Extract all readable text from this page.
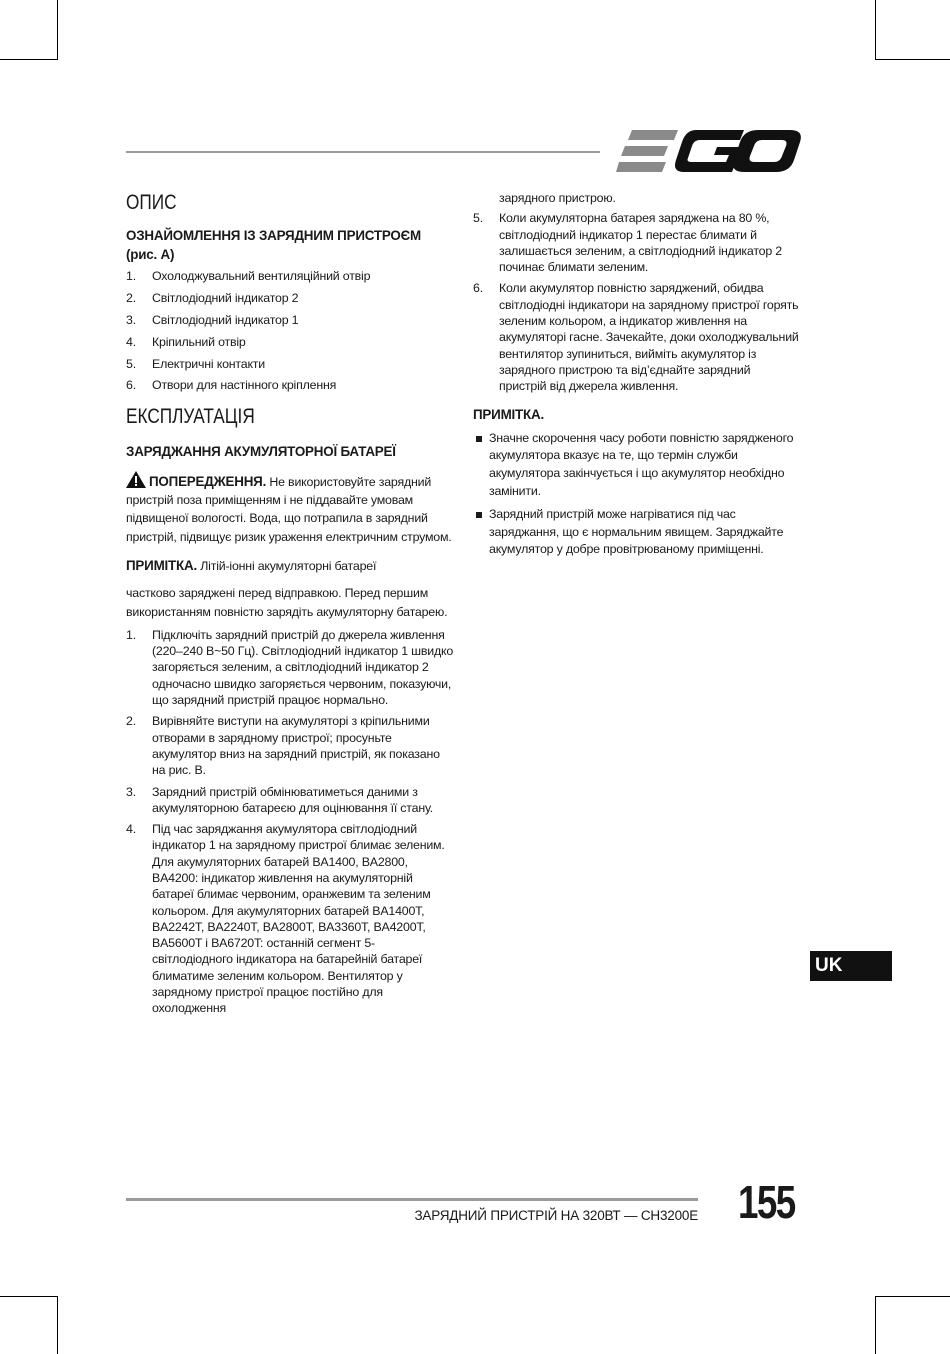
ОПИС
ОЗНАЙОМЛЕННЯ ІЗ ЗАРЯДНИМ ПРИСТРОЄМ (рис. А)
1. Охолоджувальний вентиляційний отвір
2. Світлодіодний індикатор 2
3. Світлодіодний індикатор 1
4. Кріпильний отвір
5. Електричні контакти
6. Отвори для настінного кріплення
ЕКСПЛУАТАЦІЯ
ЗАРЯДЖАННЯ АКУМУЛЯТОРНОЇ БАТАРЕЇ

ПОПЕРЕДЖЕННЯ. Не використовуйте зарядний пристрій поза приміщенням і не піддавайте умовам підвищеної вологості. Вода, що потрапила в зарядний пристрій, підвищує ризик ураження електричним струмом.

ПРИМІТКА. Літій-іонні акумуляторні батареї

частково заряджені перед відправкою. Перед першим використанням повністю зарядіть акумуляторну батарею.

1. Підключіть зарядний пристрій до джерела живлення (220–240 В~50 Гц). Світлодіодний індикатор 1 швидко загоряється зеленим, а світлодіодний індикатор 2 одночасно швидко загоряється червоним, показуючи, що зарядний пристрій працює нормально.
2. Вирівняйте виступи на акумуляторі з кріпильними отворами в зарядному пристрої; просуньте акумулятор вниз на зарядний пристрій, як показано на рис. B.
3. Зарядний пристрій обмінюватиметься даними з акумуляторною батареєю для оцінювання її стану.
4. Під час заряджання акумулятора світлодіодний індикатор 1 на зарядному пристрої блимає зеленим. Для акумуляторних батарей BA1400, BA2800, BA4200: індикатор живлення на акумуляторній батареї блимає червоним, оранжевим та зеленим кольором. Для акумуляторних батарей BA1400T, BA2242T, BA2240T, BA2800T, BA3360T, BA4200T, BA5600T і BA6720T: останній сегмент 5-світлодіодного індикатора на батарейній батареї блиматиме зеленим кольором. Вентилятор у зарядному пристрої працює постійно для охолодження

зарядного пристрою.

5. Коли акумуляторна батарея заряджена на 80 %, світлодіодний індикатор 1 перестає блимати й залишається зеленим, а світлодіодний індикатор 2 починає блимати зеленим.
6. Коли акумулятор повністю заряджений, обидва світлодіодні індикатори на зарядному пристрої горять зеленим кольором, а індикатор живлення на акумуляторі гасне. Зачекайте, доки охолоджувальний вентилятор зупиниться, вийміть акумулятор із зарядного пристрою та від’єднайте зарядний пристрій від джерела живлення.
ПРИМІТКА.
Значне скорочення часу роботи повністю зарядженого акумулятора вказує на те, що термін служби акумулятора закінчується і що акумулятор необхідно замінити.
Зарядний пристрій може нагріватися під час заряджання, що є нормальним явищем. Заряджайте акумулятор у добре провітрюваному приміщенні.
UK
ЗАРЯДНИЙ ПРИСТРІЙ НА 320ВТ — CH3200E 155
